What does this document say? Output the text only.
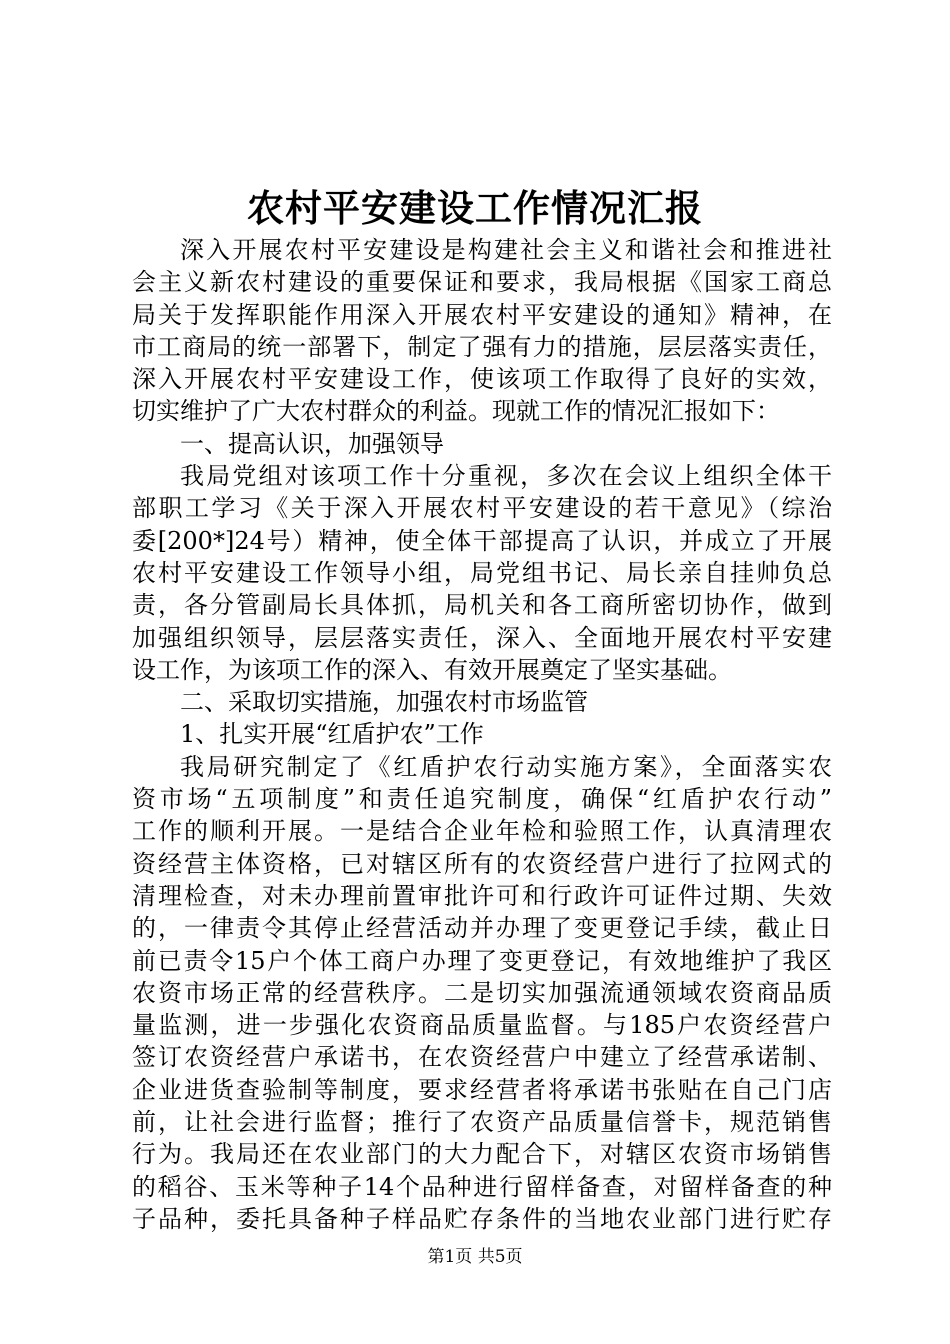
农村平安建设工作情况汇报
深入开展农村平安建设是构建社会主义和谐社会和推进社
会主义新农村建设的重要保证和要求，我局根据《国家工商总
局关于发挥职能作用深入开展农村平安建设的通知》精神，在
市工商局的统一部署下，制定了强有力的措施，层层落实责任，
深入开展农村平安建设工作，使该项工作取得了良好的实效，
切实维护了广大农村群众的利益。现就工作的情况汇报如下：
一、提高认识，加强领导
我局党组对该项工作十分重视，多次在会议上组织全体干
部职工学习《关于深入开展农村平安建设的若干意见》（综治
委[200*]24号）精神，使全体干部提高了认识，并成立了开展
农村平安建设工作领导小组，局党组书记、局长亲自挂帅负总
责，各分管副局长具体抓，局机关和各工商所密切协作，做到
加强组织领导，层层落实责任，深入、全面地开展农村平安建
设工作，为该项工作的深入、有效开展奠定了坚实基础。
二、采取切实措施，加强农村市场监管
1、扎实开展“红盾护农”工作
我局研究制定了《红盾护农行动实施方案》，全面落实农
资市场“五项制度”和责任追究制度，确保“红盾护农行动”
工作的顺利开展。一是结合企业年检和验照工作，认真清理农
资经营主体资格，已对辖区所有的农资经营户进行了拉网式的
清理检查，对未办理前置审批许可和行政许可证件过期、失效
的，一律责令其停止经营活动并办理了变更登记手续，截止日
前已责令15户个体工商户办理了变更登记，有效地维护了我区
农资市场正常的经营秩序。二是切实加强流通领域农资商品质
量监测，进一步强化农资商品质量监督。与185户农资经营户
签订农资经营户承诺书，在农资经营户中建立了经营承诺制、
企业进货查验制等制度，要求经营者将承诺书张贴在自己门店
前，让社会进行监督；推行了农资产品质量信誉卡，规范销售
行为。我局还在农业部门的大力配合下，对辖区农资市场销售
的稻谷、玉米等种子14个品种进行留样备查，对留样备查的种
子品种，委托具备种子样品贮存条件的当地农业部门进行贮存
第1页 共5页
